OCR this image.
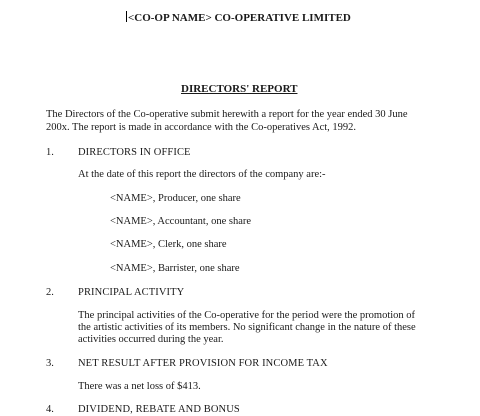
<CO-OP NAME> CO-OPERATIVE LIMITED
DIRECTORS' REPORT
The Directors of the Co-operative submit herewith a report for the year ended 30 June
200x. The report is made in accordance with the Co-operatives Act, 1992.
1. DIRECTORS IN OFFICE
At the date of this report the directors of the company are:-
<NAME>, Producer, one share
<NAME>, Accountant, one share
<NAME>, Clerk, one share
<NAME>, Barrister, one share
2. PRINCIPAL ACTIVITY
The principal activities of the Co-operative for the period were the promotion of
the artistic activities of its members. No significant change in the nature of these
activities occurred during the year.
3. NET RESULT AFTER PROVISION FOR INCOME TAX
There was a net loss of $413.
4. DIVIDEND, REBATE AND BONUS
